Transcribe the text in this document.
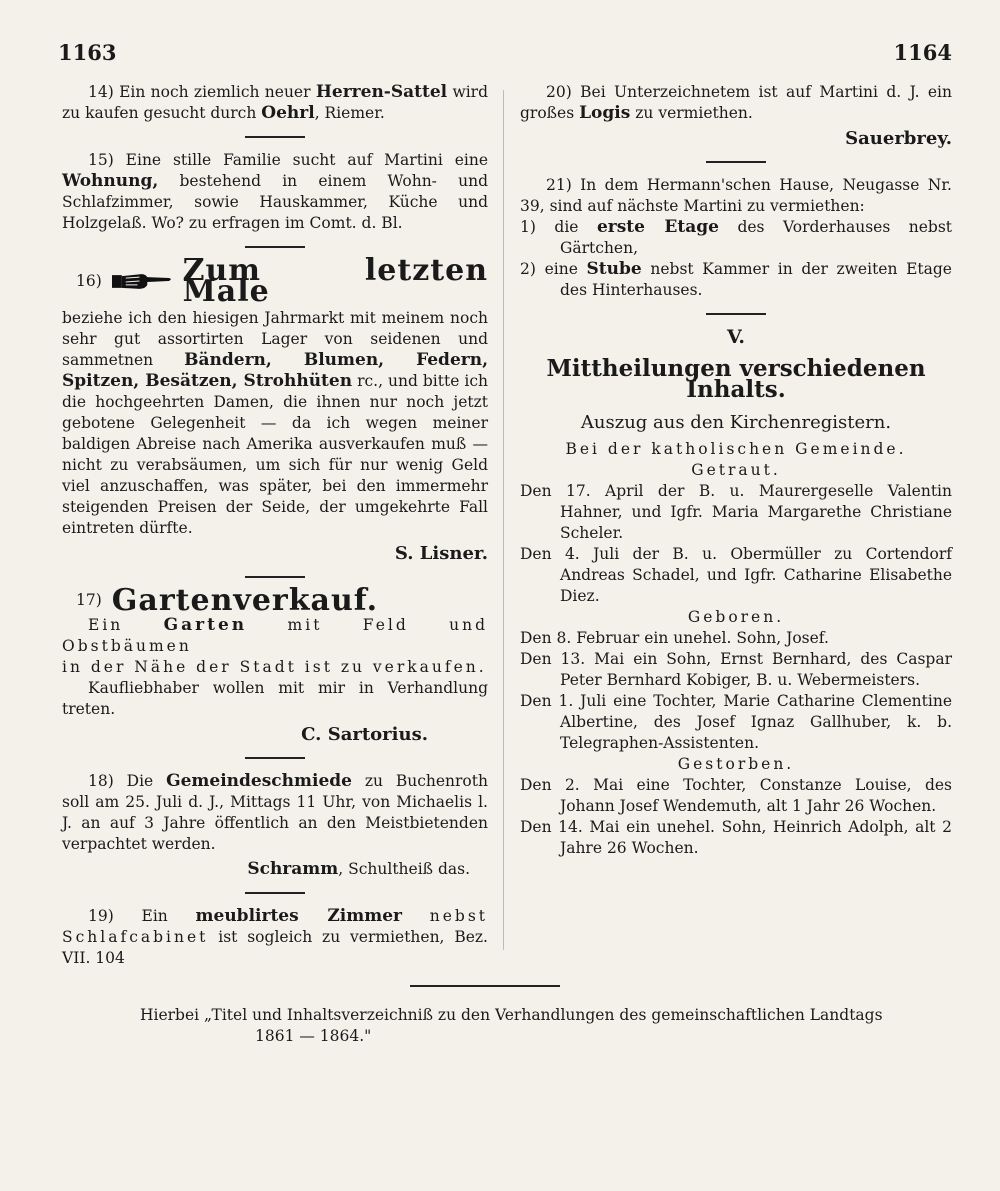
1163	1164

14) Ein noch ziemlich neuer Herren-Sattel wird zu kaufen gesucht durch Oehrl, Riemer.

15) Eine stille Familie sucht auf Martini eine Wohnung, bestehend in einem Wohn- und Schlafzimmer, sowie Hauskammer, Küche und Holzgelaß. Wo? zu erfragen im Comt. d. Bl.

16)	Zum letzten Male

beziehe ich den hiesigen Jahrmarkt mit meinem noch sehr gut assortirten Lager von seidenen und sammetnen Bändern, Blumen, Federn, Spitzen, Besätzen, Strohhüten rc., und bitte ich die hochgeehrten Damen, die ihnen nur noch jetzt gebotene Gelegenheit — da ich wegen meiner baldigen Abreise nach Amerika ausverkaufen muß — nicht zu verabsäumen, um sich für nur wenig Geld viel anzuschaffen, was später, bei den immermehr steigenden Preisen der Seide, der umgekehrte Fall eintreten dürfte.

S. Lisner.
17) Gartenverkauf.

Ein Garten	mit Feld und Obstbäumen

in der Nähe der Stadt ist zu verkaufen.

Kaufliebhaber wollen mit mir in Verhandlung treten.

C. Sartorius.

18) Die Gemeindeschmiede zu Buchenroth soll am 25. Juli d. J., Mittags 11 Uhr, von Michaelis l. J. an auf 3 Jahre öffentlich an den Meistbietenden verpachtet werden.

Schramm, Schultheiß das.

19) Ein meublirtes Zimmer nebst Schlafcabinet ist sogleich zu vermiethen, Bez. VII. 104

20) Bei Unterzeichnetem ist auf Martini d. J. ein großes Logis zu vermiethen.

Sauerbrey.

21) In dem Hermann'schen Hause, Neugasse Nr. 39, sind auf nächste Martini zu vermiethen:

1) die erste Etage des Vorderhauses nebst Gärtchen,

2) eine Stube nebst Kammer in der zweiten Etage des Hinterhauses.

V.
Mittheilungen verschiedenen Inhalts.
Auszug aus den Kirchenregistern.
Bei der katholischen Gemeinde.
Getraut.

Den 17. April der B. u. Maurergeselle Valentin Hahner, und Igfr. Maria Margarethe Christiane Scheler.

Den 4. Juli der B. u. Obermüller zu Cortendorf Andreas Schadel, und Igfr. Catharine Elisabethe Diez.

Geboren.

Den 8. Februar ein unehel. Sohn, Josef.

Den 13. Mai ein Sohn, Ernst Bernhard, des Caspar Peter Bernhard Kobiger, B. u. Webermeisters.

Den 1. Juli eine Tochter, Marie Catharine Clementine Albertine, des Josef Ignaz Gallhuber, k. b. Telegraphen-Assistenten.

Gestorben.

Den 2. Mai eine Tochter, Constanze Louise, des Johann Josef Wendemuth, alt 1 Jahr 26 Wochen.

Den 14. Mai ein unehel. Sohn, Heinrich Adolph, alt 2 Jahre 26 Wochen.

Hierbei „Titel und Inhaltsverzeichniß zu den Verhandlungen des gemeinschaftlichen Landtags
1861 — 1864."
